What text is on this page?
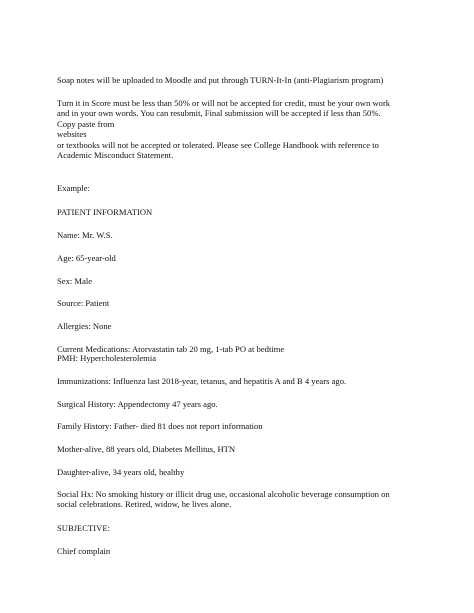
Soap notes will be uploaded to Moodle and put through TURN-It-In (anti-Plagiarism program)

Turn it in Score must be less than 50% or will not be accepted for credit, must be your own work
and in your own words. You can resubmit, Final submission will be accepted if less than 50%.
Copy paste from
websites
or textbooks will not be accepted or tolerated. Please see College Handbook with reference to
Academic Misconduct Statement.

Example:

PATIENT INFORMATION

Name: Mr. W.S.

Age: 65-year-old

Sex: Male

Source: Patient

Allergies: None

Current Medications: Atorvastatin tab 20 mg, 1-tab PO at bedtime

PMH: Hypercholesterolemia

Immunizations: Influenza last 2018-year, tetanus, and hepatitis A and B 4 years ago.

Surgical History: Appendectomy 47 years ago.

Family History: Father- died 81 does not report information

Mother-alive, 88 years old, Diabetes Mellitus, HTN

Daughter-alive, 34 years old, healthy

Social Hx: No smoking history or illicit drug use, occasional alcoholic beverage consumption on
social celebrations. Retired, widow, he lives alone.

SUBJECTIVE:

Chief complain
